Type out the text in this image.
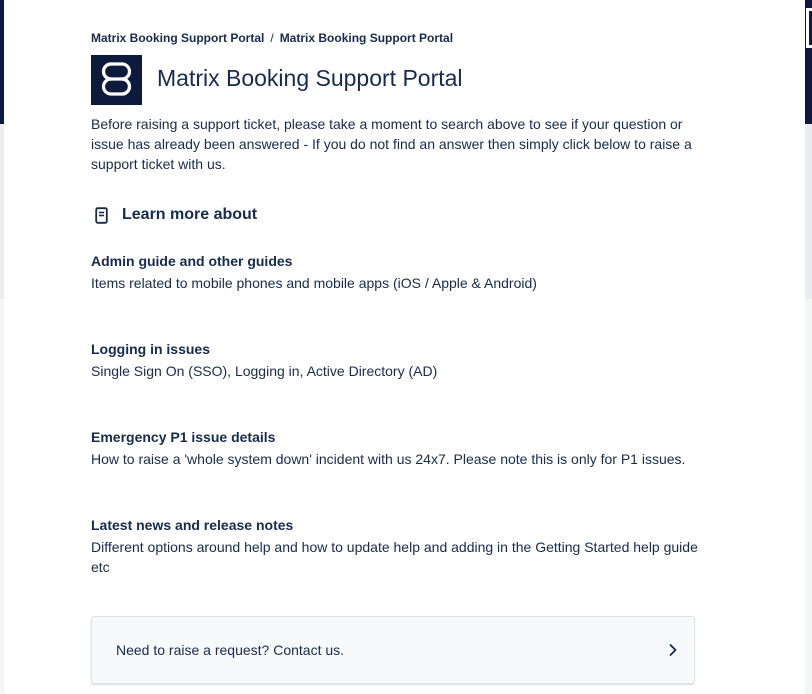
Matrix Booking Support Portal / Matrix Booking Support Portal
Matrix Booking Support Portal

Before raising a support ticket, please take a moment to search above to see if your question or issue has already been answered - If you do not find an answer then simply click below to raise a support ticket with us.

Learn more about
Admin guide and other guides
Items related to mobile phones and mobile apps (iOS / Apple & Android)
Logging in issues
Single Sign On (SSO), Logging in, Active Directory (AD)
Emergency P1 issue details
How to raise a 'whole system down' incident with us 24x7. Please note this is only for P1 issues.
Latest news and release notes
Different options around help and how to update help and adding in the Getting Started help guide etc
Need to raise a request? Contact us.
